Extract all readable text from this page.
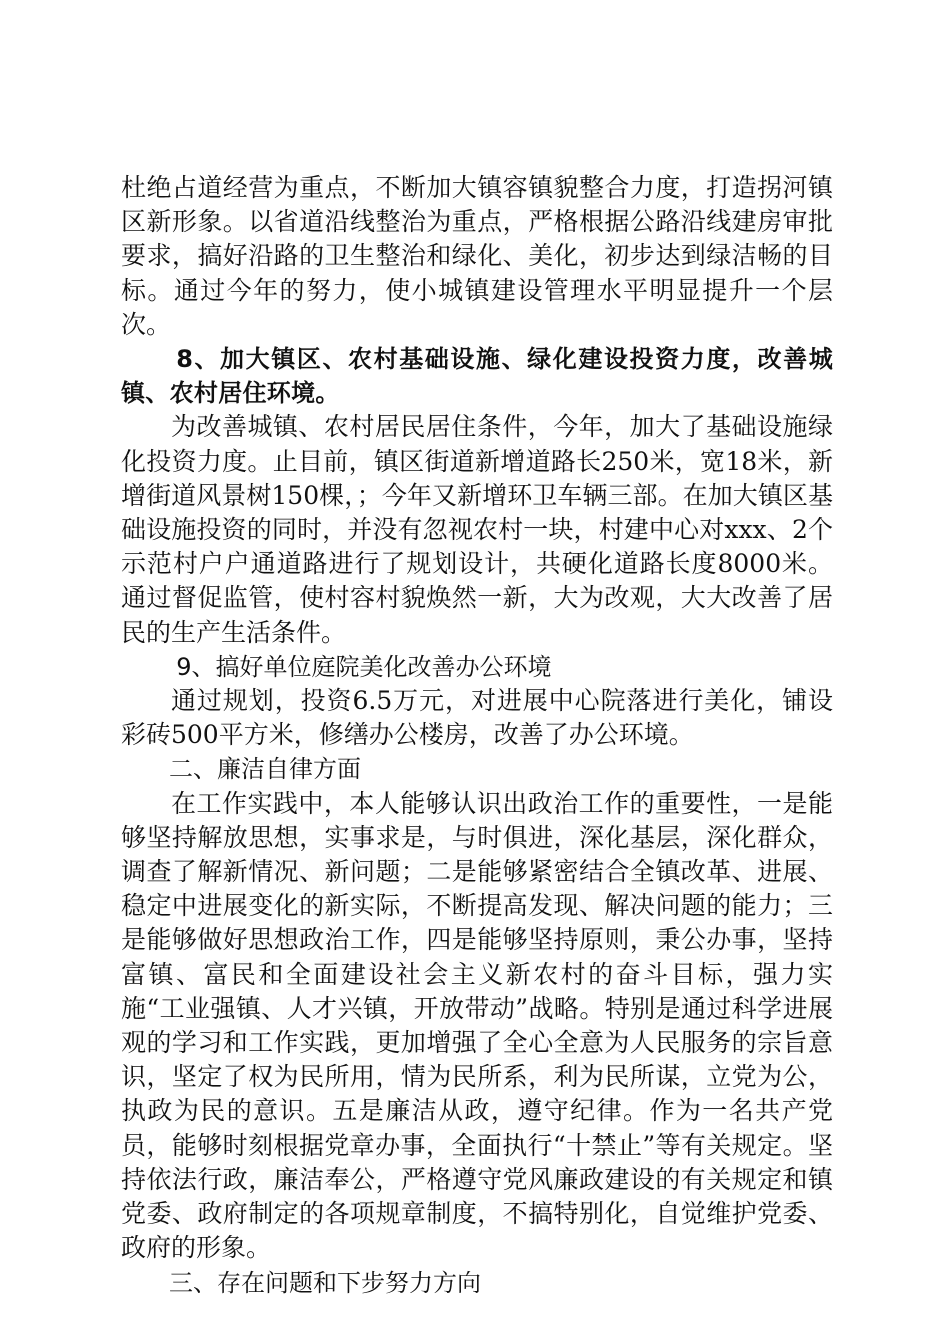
杜绝占道经营为重点，不断加大镇容镇貌整合力度，打造拐河镇区新形象。以省道沿线整治为重点，严格根据公路沿线建房审批要求，搞好沿路的卫生整治和绿化、美化，初步达到绿洁畅的目标。通过今年的努力，使小城镇建设管理水平明显提升一个层次。

8、加大镇区、农村基础设施、绿化建设投资力度，改善城镇、农村居住环境。

为改善城镇、农村居民居住条件，今年，加大了基础设施绿化投资力度。止目前，镇区街道新增道路长250米，宽18米，新增街道风景树150棵，；今年又新增环卫车辆三部。在加大镇区基础设施投资的同时，并没有忽视农村一块，村建中心对xxx、2个示范村户户通道路进行了规划设计，共硬化道路长度8000米。通过督促监管，使村容村貌焕然一新，大为改观，大大改善了居民的生产生活条件。

9、搞好单位庭院美化改善办公环境

通过规划，投资6.5万元，对进展中心院落进行美化，铺设彩砖500平方米，修缮办公楼房，改善了办公环境。

二、廉洁自律方面

在工作实践中，本人能够认识出政治工作的重要性，一是能够坚持解放思想，实事求是，与时俱进，深化基层，深化群众，调查了解新情况、新问题；二是能够紧密结合全镇改革、进展、稳定中进展变化的新实际，不断提高发现、解决问题的能力；三是能够做好思想政治工作，四是能够坚持原则，秉公办事，坚持富镇、富民和全面建设社会主义新农村的奋斗目标，强力实施“工业强镇、人才兴镇，开放带动”战略。特别是通过科学进展观的学习和工作实践，更加增强了全心全意为人民服务的宗旨意识，坚定了权为民所用，情为民所系，利为民所谋，立党为公，执政为民的意识。五是廉洁从政，遵守纪律。作为一名共产党员，能够时刻根据党章办事，全面执行“十禁止”等有关规定。坚持依法行政，廉洁奉公，严格遵守党风廉政建设的有关规定和镇党委、政府制定的各项规章制度，不搞特别化，自觉维护党委、政府的形象。

三、存在问题和下步努力方向
